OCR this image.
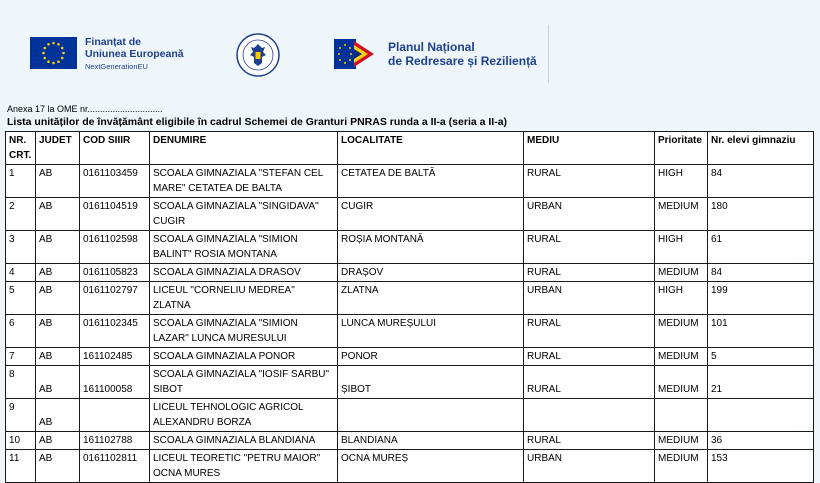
Finanțat de
Uniunea Europeană
NextGenerationEU
Planul Național
de Redresare și Reziliență
Anexa 17 la OME nr..............................
Lista unităților de învățământ eligibile în cadrul Schemei de Granturi PNRAS runda a II-a (seria a II-a)
NR. CRT.	JUDET	COD SIIIR	DENUMIRE	LOCALITATE	MEDIU	Prioritate	Nr. elevi gimnaziu
1	AB	0161103459	SCOALA GIMNAZIALA "STEFAN CEL MARE" CETATEA DE BALTA	CETATEA DE BALTĂ	RURAL	HIGH	84
2	AB	0161104519	SCOALA GIMNAZIALA "SINGIDAVA" CUGIR	CUGIR	URBAN	MEDIUM	180
3	AB	0161102598	SCOALA GIMNAZIALA "SIMION BALINT" ROSIA MONTANA	ROȘIA MONTANĂ	RURAL	HIGH	61
4	AB	0161105823	SCOALA GIMNAZIALA DRASOV	DRAȘOV	RURAL	MEDIUM	84
5	AB	0161102797	LICEUL "CORNELIU MEDREA" ZLATNA	ZLATNA	URBAN	HIGH	199
6	AB	0161102345	SCOALA GIMNAZIALA "SIMION LAZAR" LUNCA MURESULUI	LUNCA MUREȘULUI	RURAL	MEDIUM	101
7	AB	161102485	SCOALA GIMNAZIALA PONOR	PONOR	RURAL	MEDIUM	5
8	AB	161100058	SCOALA GIMNAZIALA "IOSIF SARBU" SIBOT	ȘIBOT	RURAL	MEDIUM	21
9	AB		LICEUL TEHNOLOGIC AGRICOL ALEXANDRU BORZA				
10	AB	161102788	SCOALA GIMNAZIALA BLANDIANA	BLANDIANA	RURAL	MEDIUM	36
11	AB	0161102811	LICEUL TEORETIC "PETRU MAIOR" OCNA MURES	OCNA MUREȘ	URBAN	MEDIUM	153
